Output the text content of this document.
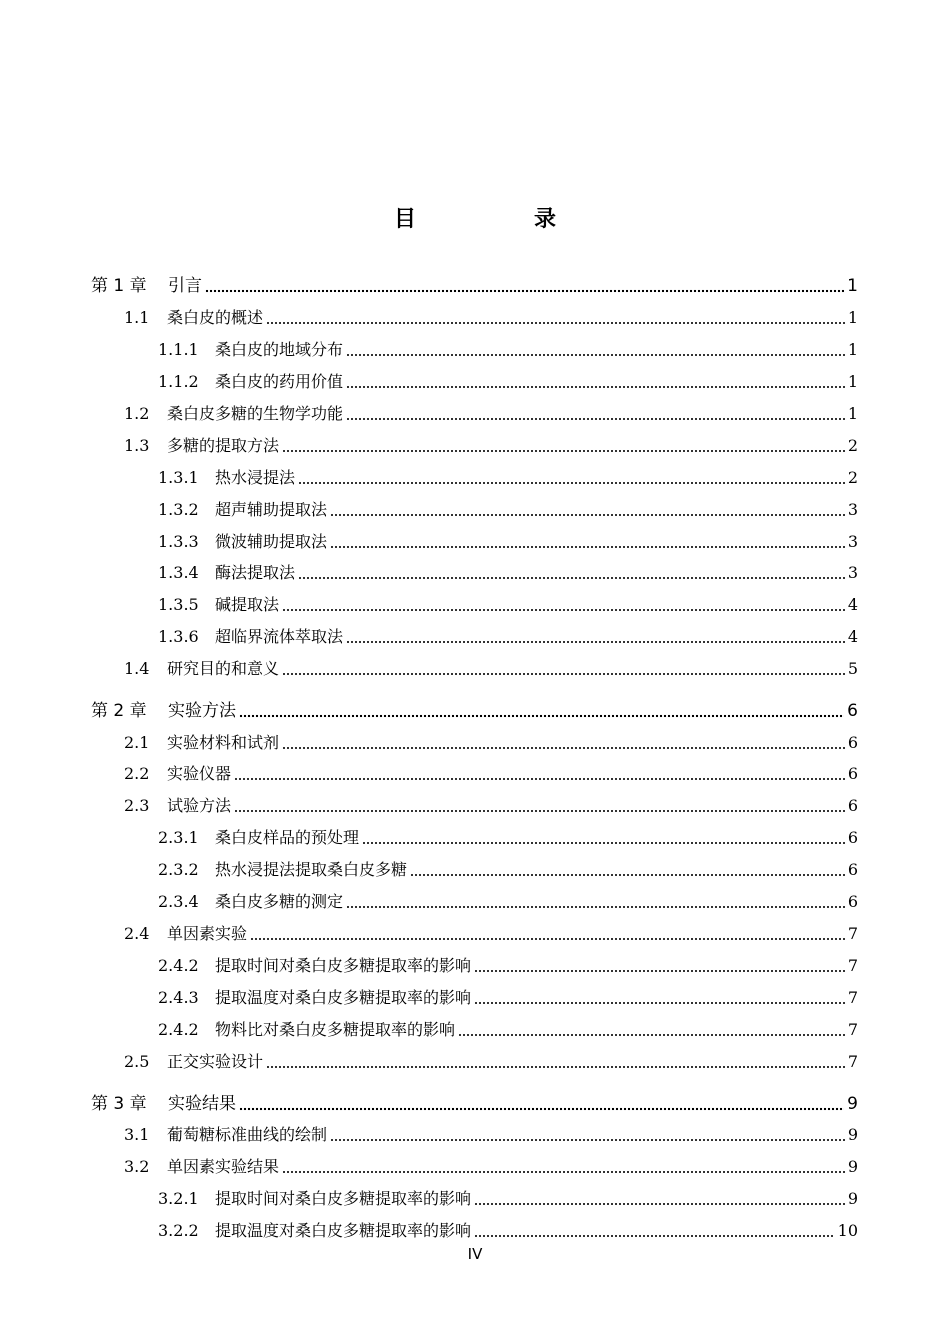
目　录
第 1 章	引言	1
1.1	桑白皮的概述	1
1.1.1	桑白皮的地域分布	1
1.1.2	桑白皮的药用价值	1
1.2	桑白皮多糖的生物学功能	1
1.3	多糖的提取方法	2
1.3.1	热水浸提法	2
1.3.2	超声辅助提取法	3
1.3.3	微波辅助提取法	3
1.3.4	酶法提取法	3
1.3.5	碱提取法	4
1.3.6	超临界流体萃取法	4
1.4	研究目的和意义	5
第 2 章	实验方法	6
2.1	实验材料和试剂	6
2.2	实验仪器	6
2.3	试验方法	6
2.3.1	桑白皮样品的预处理	6
2.3.2	热水浸提法提取桑白皮多糖	6
2.3.4	桑白皮多糖的测定	6
2.4	单因素实验	7
2.4.2	提取时间对桑白皮多糖提取率的影响	7
2.4.3	提取温度对桑白皮多糖提取率的影响	7
2.4.2	物料比对桑白皮多糖提取率的影响	7
2.5	正交实验设计	7
第 3 章	实验结果	9
3.1	葡萄糖标准曲线的绘制	9
3.2	单因素实验结果	9
3.2.1	提取时间对桑白皮多糖提取率的影响	9
3.2.2	提取温度对桑白皮多糖提取率的影响	10
IV
